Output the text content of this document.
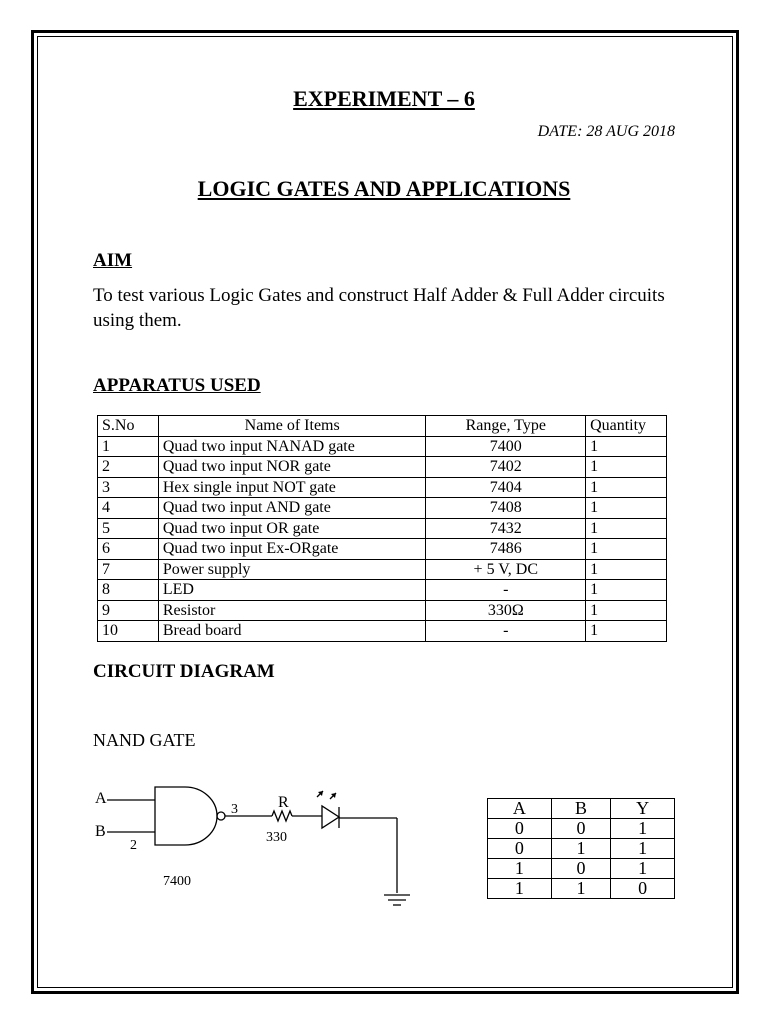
EXPERIMENT – 6
DATE: 28 AUG 2018
LOGIC GATES AND APPLICATIONS
AIM
To test various Logic Gates and construct Half Adder & Full Adder circuits using them.
APPARATUS USED
S.No	Name of Items	Range, Type	Quantity
1	Quad two input NANAD gate	7400	1
2	Quad two input NOR gate	7402	1
3	Hex single input NOT gate	7404	1
4	Quad two input AND gate	7408	1
5	Quad two input OR gate	7432	1
6	Quad two input Ex-ORgate	7486	1
7	Power supply	+ 5 V, DC	1
8	LED	-	1
9	Resistor	330Ω	1
10	Bread board	-	1
CIRCUIT DIAGRAM
NAND GATE
A
B
2
3	R
330
7400
A	B	Y
0	0	1
0	1	1
1	0	1
1	1	0
